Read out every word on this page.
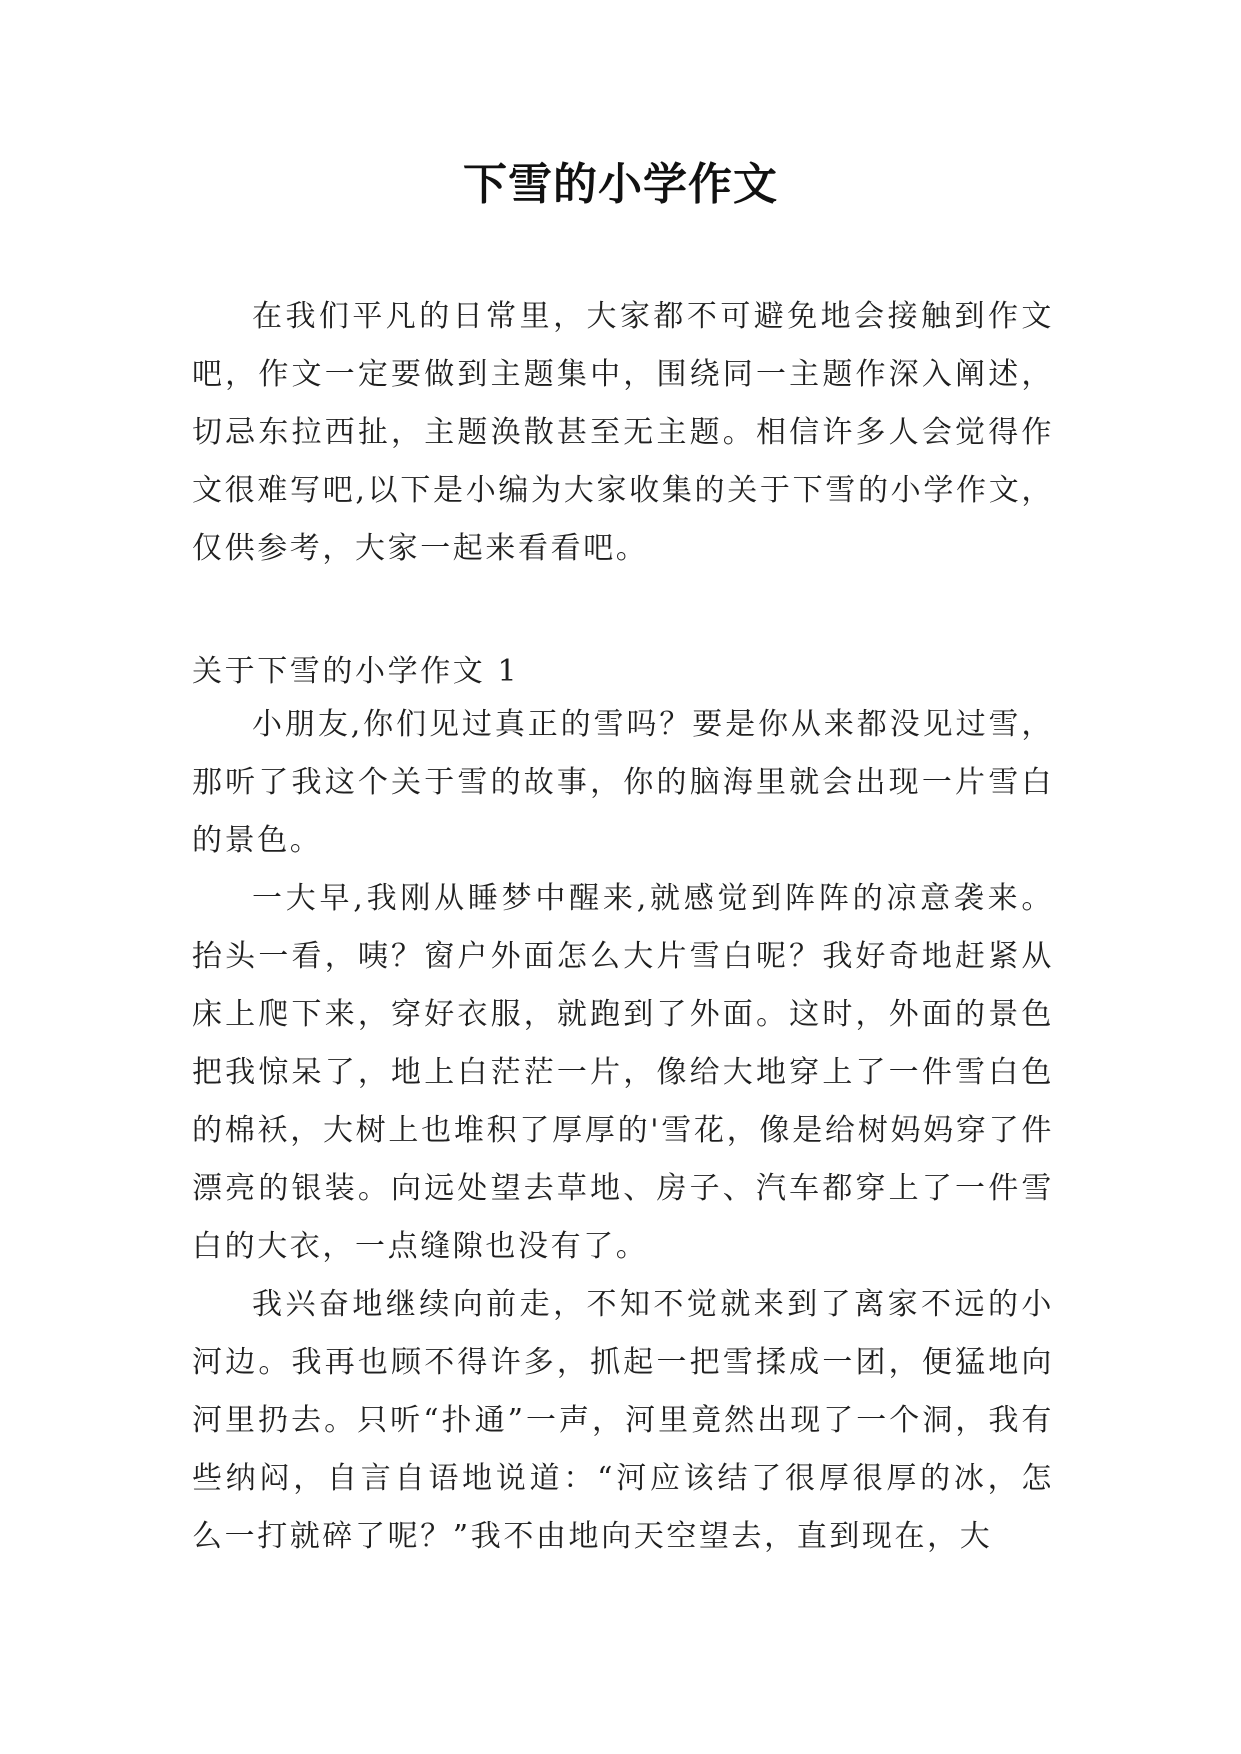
下雪的小学作文

在我们平凡的日常里，大家都不可避免地会接触到作文吧，作文一定要做到主题集中，围绕同一主题作深入阐述，切忌东拉西扯，主题涣散甚至无主题。相信许多人会觉得作文很难写吧,以下是小编为大家收集的关于下雪的小学作文，仅供参考，大家一起来看看吧。

关于下雪的小学作文 1

小朋友,你们见过真正的雪吗？要是你从来都没见过雪，那听了我这个关于雪的故事，你的脑海里就会出现一片雪白的景色。

一大早,我刚从睡梦中醒来,就感觉到阵阵的凉意袭来。抬头一看，咦？窗户外面怎么大片雪白呢？我好奇地赶紧从床上爬下来，穿好衣服，就跑到了外面。这时，外面的景色把我惊呆了，地上白茫茫一片，像给大地穿上了一件雪白色的棉袄，大树上也堆积了厚厚的'雪花，像是给树妈妈穿了件漂亮的银装。向远处望去草地、房子、汽车都穿上了一件雪白的大衣，一点缝隙也没有了。

我兴奋地继续向前走，不知不觉就来到了离家不远的小河边。我再也顾不得许多，抓起一把雪揉成一团，便猛地向河里扔去。只听“扑通”一声，河里竟然出现了一个洞，我有些纳闷，自言自语地说道：“河应该结了很厚很厚的冰，怎么一打就碎了呢？”我不由地向天空望去，直到现在，大
